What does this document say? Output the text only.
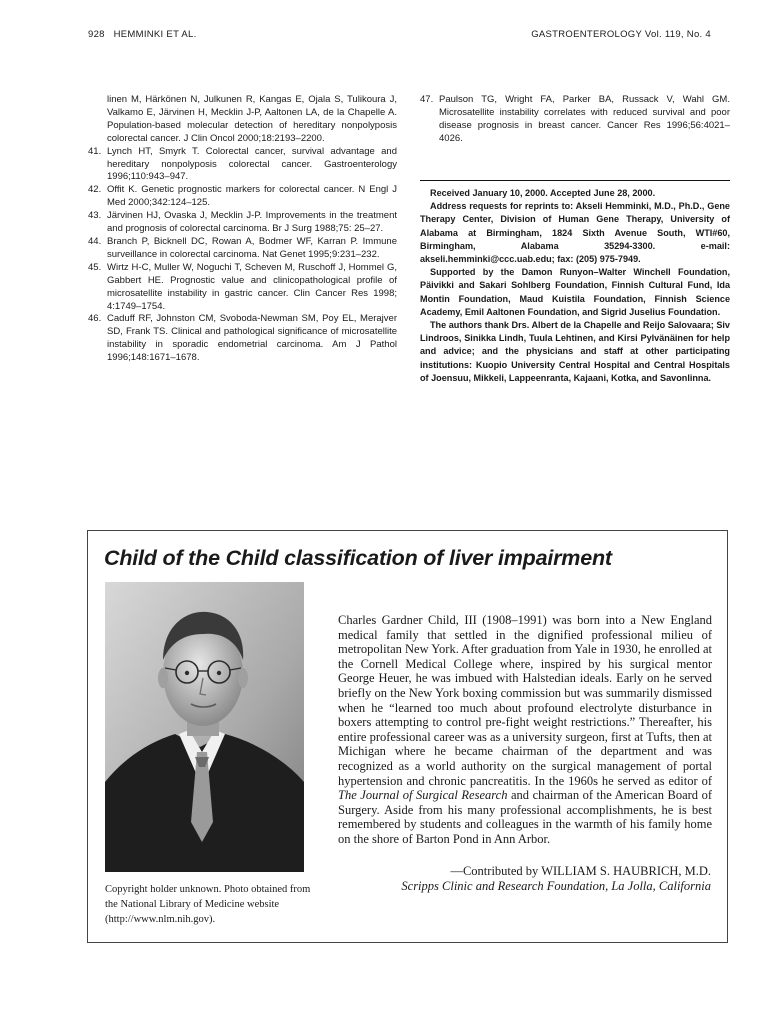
928 HEMMINKI ET AL.	GASTROENTEROLOGY Vol. 119, No. 4
linen M, Härkönen N, Julkunen R, Kangas E, Ojala S, Tulikoura J, Valkamo E, Järvinen H, Mecklin J-P, Aaltonen LA, de la Chapelle A. Population-based molecular detection of hereditary nonpolyposis colorectal cancer. J Clin Oncol 2000;18:2193–2200.
41. Lynch HT, Smyrk T. Colorectal cancer, survival advantage and hereditary nonpolyposis colorectal cancer. Gastroenterology 1996;110:943–947.
42. Offit K. Genetic prognostic markers for colorectal cancer. N Engl J Med 2000;342:124–125.
43. Järvinen HJ, Ovaska J, Mecklin J-P. Improvements in the treatment and prognosis of colorectal carcinoma. Br J Surg 1988;75: 25–27.
44. Branch P, Bicknell DC, Rowan A, Bodmer WF, Karran P. Immune surveillance in colorectal carcinoma. Nat Genet 1995;9:231–232.
45. Wirtz H-C, Muller W, Noguchi T, Scheven M, Ruschoff J, Hommel G, Gabbert HE. Prognostic value and clinicopathological profile of microsatellite instability in gastric cancer. Clin Cancer Res 1998; 4:1749–1754.
46. Caduff RF, Johnston CM, Svoboda-Newman SM, Poy EL, Merajver SD, Frank TS. Clinical and pathological significance of microsatellite instability in sporadic endometrial carcinoma. Am J Pathol 1996;148:1671–1678.
47. Paulson TG, Wright FA, Parker BA, Russack V, Wahl GM. Microsatellite instability correlates with reduced survival and poor disease prognosis in breast cancer. Cancer Res 1996;56:4021–4026.

Received January 10, 2000. Accepted June 28, 2000.

Address requests for reprints to: Akseli Hemminki, M.D., Ph.D., Gene Therapy Center, Division of Human Gene Therapy, University of Alabama at Birmingham, 1824 Sixth Avenue South, WTI#60, Birmingham, Alabama 35294-3300. e-mail: akseli.hemminki@ccc.uab.edu; fax: (205) 975-7949.

Supported by the Damon Runyon–Walter Winchell Foundation, Päivikki and Sakari Sohlberg Foundation, Finnish Cultural Fund, Ida Montin Foundation, Maud Kuistila Foundation, Finnish Science Academy, Emil Aaltonen Foundation, and Sigrid Juselius Foundation.

The authors thank Drs. Albert de la Chapelle and Reijo Salovaara; Siv Lindroos, Sinikka Lindh, Tuula Lehtinen, and Kirsi Pylvänäinen for help and advice; and the physicians and staff at other participating institutions: Kuopio University Central Hospital and Central Hospitals of Joensuu, Mikkeli, Lappeenranta, Kajaani, Kotka, and Savonlinna.

Child of the Child classification of liver impairment
Copyright holder unknown. Photo obtained from the National Library of Medicine website (http://www.nlm.nih.gov).
Charles Gardner Child, III (1908–1991) was born into a New England medical family that settled in the dignified professional milieu of metropolitan New York. After graduation from Yale in 1930, he enrolled at the Cornell Medical College where, inspired by his surgical mentor George Heuer, he was imbued with Halstedian ideals. Early on he served briefly on the New York boxing commission but was summarily dismissed when he “learned too much about profound electrolyte disturbance in boxers attempting to control pre-fight weight restrictions.” Thereafter, his entire professional career was as a university surgeon, first at Tufts, then at Michigan where he became chairman of the department and was recognized as a world authority on the surgical management of portal hypertension and chronic pancreatitis. In the 1960s he served as editor of The Journal of Surgical Research and chairman of the American Board of Surgery. Aside from his many professional accomplishments, he is best remembered by students and colleagues in the warmth of his family home on the shore of Barton Pond in Ann Arbor.
—Contributed by WILLIAM S. HAUBRICH, M.D.
Scripps Clinic and Research Foundation, La Jolla, California
